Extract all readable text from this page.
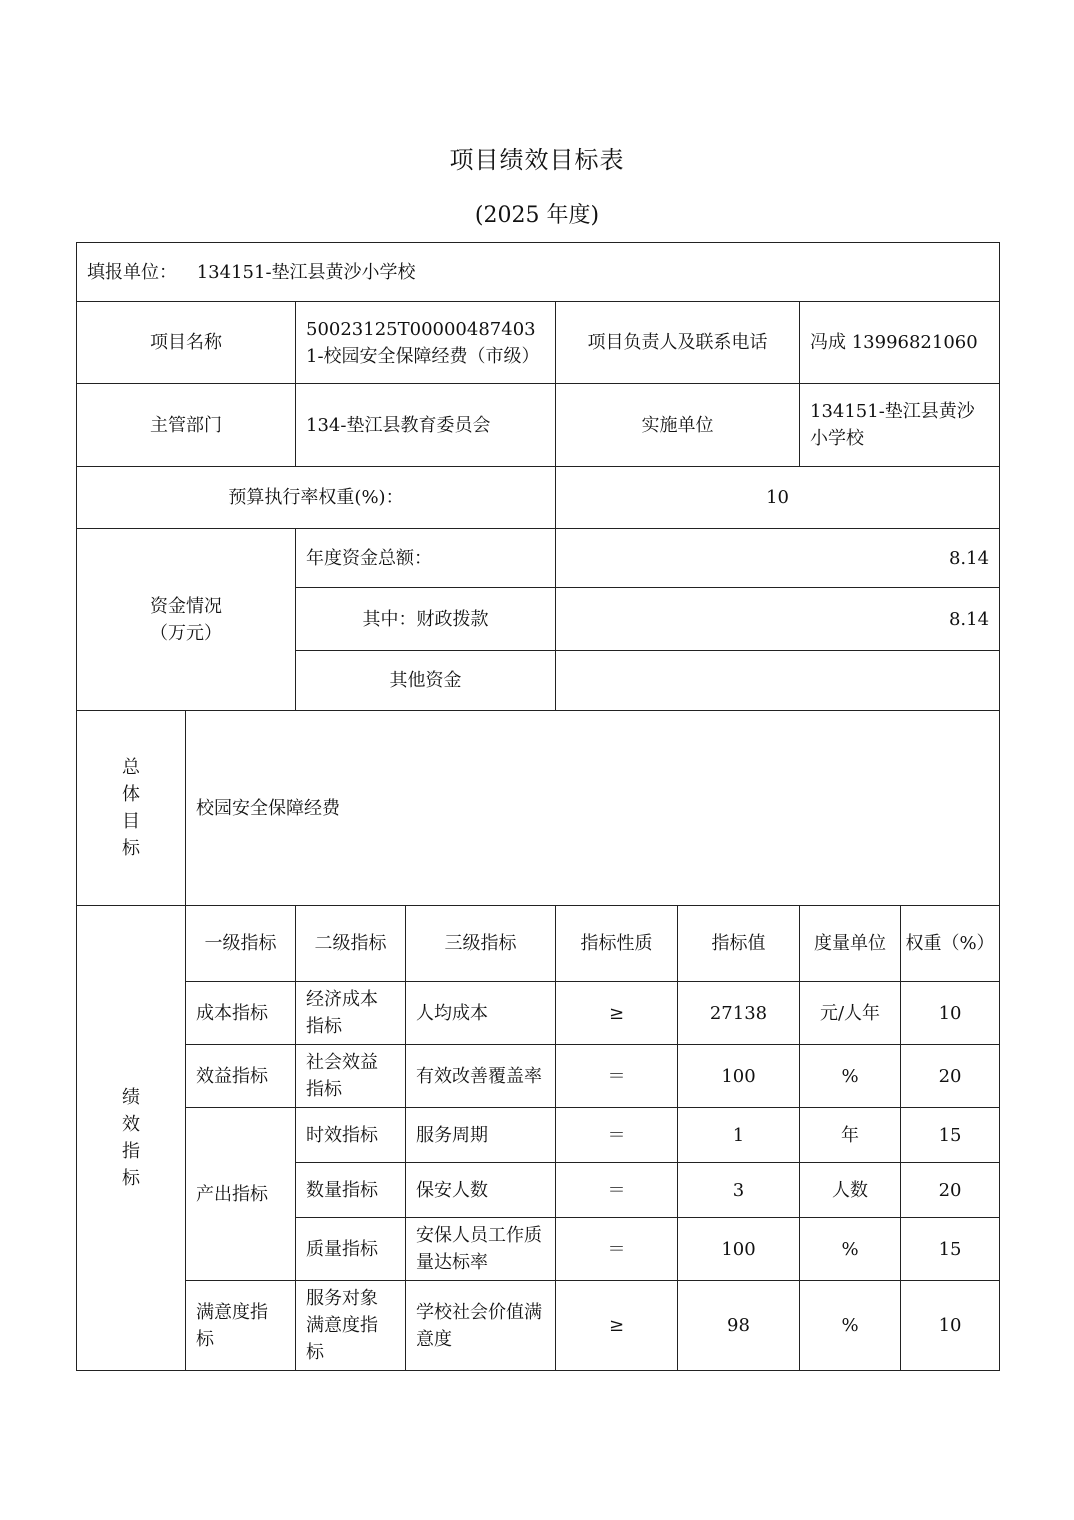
项目绩效目标表
(2025 年度)
填报单位： 134151-垫江县黄沙小学校							
项目名称		50023125T000004874031-校园安全保障经费（市级）		项目负责人及联系电话		冯成 13996821060	
主管部门		134-垫江县教育委员会		实施单位		134151-垫江县黄沙小学校	
预算执行率权重(%)：				10			

资金情况
（万元）		年度资金总额：		8.14			
		其中：财政拨款		8.14			
		其他资金					

总
体
目
标	校园安全保障经费						

绩
效
指
标	一级指标	二级指标	三级指标	指标性质	指标值	度量单位	权重（%）
	成本指标	经济成本指标	人均成本	≥	27138	元/人年	10
	效益指标	社会效益指标	有效改善覆盖率	＝	100	%	20
	产出指标	时效指标	服务周期	＝	1	年	15
		数量指标	保安人数	＝	3	人数	20
		质量指标	安保人员工作质量达标率	＝	100	%	15
	满意度指标	服务对象满意度指标	学校社会价值满意度	≥	98	%	10
